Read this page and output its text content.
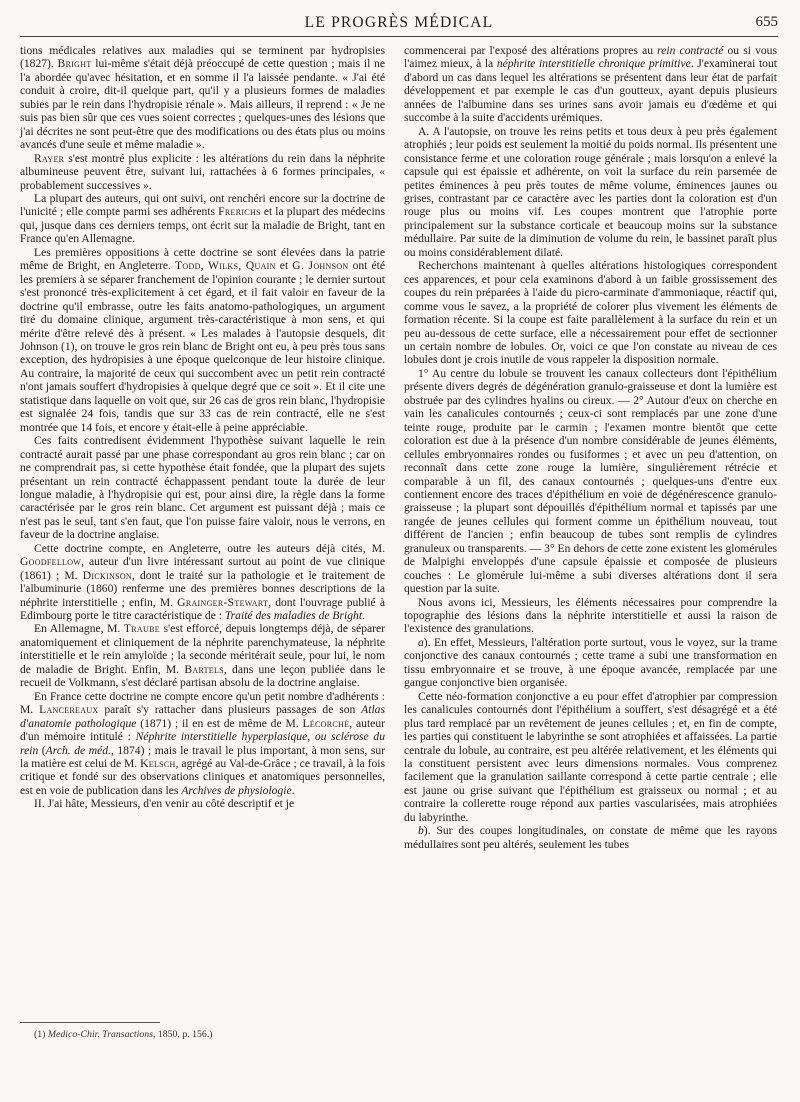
LE PROGRÈS MÉDICAL	655

tions médicales relatives aux maladies qui se terminent par hydropisies (1827). Bright lui-même s'était déjà préoccupé de cette question ; mais il ne l'a abordée qu'avec hésitation, et en somme il l'a laissée pendante. « J'ai été conduit à croire, dit-il quelque part, qu'il y a plusieurs formes de maladies subies par le rein dans l'hydropisie rénale ». Mais ailleurs, il reprend : « Je ne suis pas bien sûr que ces vues soient correctes ; quelques-unes des lésions que j'ai décrites ne sont peut-être que des modifications ou des états plus ou moins avancés d'une seule et même maladie ».

Rayer s'est montré plus explicite : les altérations du rein dans la néphrite albumineuse peuvent être, suivant lui, rattachées à 6 formes principales, « probablement successives ».

La plupart des auteurs, qui ont suivi, ont renchéri encore sur la doctrine de l'unicité ; elle compte parmi ses adhérents Frerichs et la plupart des médecins qui, jusque dans ces derniers temps, ont écrit sur la maladie de Bright, tant en France qu'en Allemagne.

Les premières oppositions à cette doctrine se sont élevées dans la patrie même de Bright, en Angleterre. Todd, Wilks, Quain et G. Johnson ont été les premiers à se séparer franchement de l'opinion courante ; le dernier surtout s'est prononcé très-explicitement à cet égard, et il fait valoir en faveur de la doctrine qu'il embrasse, outre les faits anatomo-pathologiques, un argument tiré du domaine clinique, argument très-caractéristique à mon sens, et qui mérite d'être relevé dès à présent. « Les malades à l'autopsie desquels, dit Johnson (1), on trouve le gros rein blanc de Bright ont eu, à peu près tous sans exception, des hydropisies à une époque quelconque de leur histoire clinique. Au contraire, la majorité de ceux qui succombent avec un petit rein contracté n'ont jamais souffert d'hydropisies à quelque degré que ce soit ». Et il cite une statistique dans laquelle on voit que, sur 26 cas de gros rein blanc, l'hydropisie est signalée 24 fois, tandis que sur 33 cas de rein contracté, elle ne s'est montrée que 14 fois, et encore y était-elle à peine appréciable.

Ces faits contredisent évidemment l'hypothèse suivant laquelle le rein contracté aurait passé par une phase correspondant au gros rein blanc ; car on ne comprendrait pas, si cette hypothèse était fondée, que la plupart des sujets présentant un rein contracté échappassent pendant toute la durée de leur longue maladie, à l'hydropisie qui est, pour ainsi dire, la règle dans la forme caractérisée par le gros rein blanc. Cet argument est puissant déjà ; mais ce n'est pas le seul, tant s'en faut, que l'on puisse faire valoir, nous le verrons, en faveur de la doctrine anglaise.

Cette doctrine compte, en Angleterre, outre les auteurs déjà cités, M. Goodfellow, auteur d'un livre intéressant surtout au point de vue clinique (1861) ; M. Dickinson, dont le traité sur la pathologie et le traitement de l'albuminurie (1860) renferme une des premières bonnes descriptions de la néphrite interstitielle ; enfin, M. Grainger-Stewart, dont l'ouvrage publié à Edimbourg porte le titre caractéristique de : Traité des maladies de Bright.

En Allemagne, M. Traube s'est efforcé, depuis longtemps déjà, de séparer anatomiquement et cliniquement de la néphrite parenchymateuse, la néphrite interstitielle et le rein amyloïde ; la seconde méritérait seule, pour lui, le nom de maladie de Bright. Enfin, M. Bartels, dans une leçon publiée dans le recueil de Volkmann, s'est déclaré partisan absolu de la doctrine anglaise.

En France cette doctrine ne compte encore qu'un petit nombre d'adhérents : M. Lancereaux paraît s'y rattacher dans plusieurs passages de son Atlas d'anatomie pathologique (1871) ; il en est de même de M. Lécorché, auteur d'un mémoire intitulé : Néphrite interstitielle hyperplasique, ou sclérose du rein (Arch. de méd., 1874) ; mais le travail le plus important, à mon sens, sur la matière est celui de M. Kelsch, agrégé au Val-de-Grâce ; ce travail, à la fois critique et fondé sur des observations cliniques et anatomiques personnelles, est en voie de publication dans les Archives de physiologie.

II. J'ai hâte, Messieurs, d'en venir au côté descriptif et je

commencerai par l'exposé des altérations propres au rein contracté ou si vous l'aimez mieux, à la néphrite interstitielle chronique primitive. J'examinerai tout d'abord un cas dans lequel les altérations se présentent dans leur état de parfait développement et par exemple le cas d'un goutteux, ayant depuis plusieurs années de l'albumine dans ses urines sans avoir jamais eu d'œdème et qui succombe à la suite d'accidents urémiques.

A. A l'autopsie, on trouve les reins petits et tous deux à peu près également atrophiés ; leur poids est seulement la moitié du poids normal. Ils présentent une consistance ferme et une coloration rouge générale ; mais lorsqu'on a enlevé la capsule qui est épaissie et adhérente, on voit la surface du rein parsemée de petites éminences à peu près toutes de même volume, éminences jaunes ou grises, contrastant par ce caractère avec les parties dont la coloration est d'un rouge plus ou moins vif. Les coupes montrent que l'atrophie porte principalement sur la substance corticale et beaucoup moins sur la substance médullaire. Par suite de la diminution de volume du rein, le bassinet paraît plus ou moins considérablement dilaté.

Recherchons maintenant à quelles altérations histologiques correspondent ces apparences, et pour cela examinons d'abord à un faible grossissement des coupes du rein préparées à l'aide du picro-carminate d'ammoniaque, réactif qui, comme vous le savez, a la propriété de colorer plus vivement les éléments de formation récente. Si la coupe est faite parallèlement à la surface du rein et un peu au-dessous de cette surface, elle a nécessairement pour effet de sectionner un certain nombre de lobules. Or, voici ce que l'on constate au niveau de ces lobules dont je crois inutile de vous rappeler la disposition normale.

1° Au centre du lobule se trouvent les canaux collecteurs dont l'épithélium présente divers degrés de dégénération granulo-graisseuse et dont la lumière est obstruée par des cylindres hyalins ou cireux. — 2° Autour d'eux on cherche en vain les canalicules contournés ; ceux-ci sont remplacés par une zone d'une teinte rouge, produite par le carmin ; l'examen montre bientôt que cette coloration est due à la présence d'un nombre considérable de jeunes éléments, cellules embryonnaires rondes ou fusiformes ; et avec un peu d'attention, on reconnaît dans cette zone rouge la lumière, singulièrement rétrécie et comparable à un fil, des canaux contournés ; quelques-uns d'entre eux contiennent encore des traces d'épithélium en voie de dégénérescence granulo-graisseuse ; la plupart sont dépouillés d'épithélium normal et tapissés par une rangée de jeunes cellules qui forment comme un épithélium nouveau, tout différent de l'ancien ; enfin beaucoup de tubes sont remplis de cylindres granuleux ou transparents. — 3° En dehors de cette zone existent les glomérules de Malpighi enveloppés d'une capsule épaissie et composée de plusieurs couches : Le glomérule lui-même a subi diverses altérations dont il sera question par la suite.

Nous avons ici, Messieurs, les éléments nécessaires pour comprendre la topographie des lésions dans la néphrite interstitielle et aussi la raison de l'existence des granulations.

a). En effet, Messieurs, l'altération porte surtout, vous le voyez, sur la trame conjonctive des canaux contournés ; cette trame a subi une transformation en tissu embryonnaire et se trouve, à une époque avancée, remplacée par une gangue conjonctive bien organisée.

Cette néo-formation conjonctive a eu pour effet d'atrophier par compression les canalicules contournés dont l'épithélium a souffert, s'est désagrégé et a été plus tard remplacé par un revêtement de jeunes cellules ; et, en fin de compte, les parties qui constituent le labyrinthe se sont atrophiées et affaissées. La partie centrale du lobule, au contraire, est peu altérée relativement, et les éléments qui la constituent persistent avec leurs dimensions normales. Vous comprenez facilement que la granulation saillante correspond à cette partie centrale ; elle est jaune ou grise suivant que l'épithélium est graisseux ou normal ; et au contraire la collerette rouge répond aux parties vascularisées, mais atrophiées du labyrinthe.

b). Sur des coupes longitudinales, on constate de même que les rayons médullaires sont peu altérés, seulement les tubes

(1) Medico-Chir. Transactions, 1850, p. 156.)
